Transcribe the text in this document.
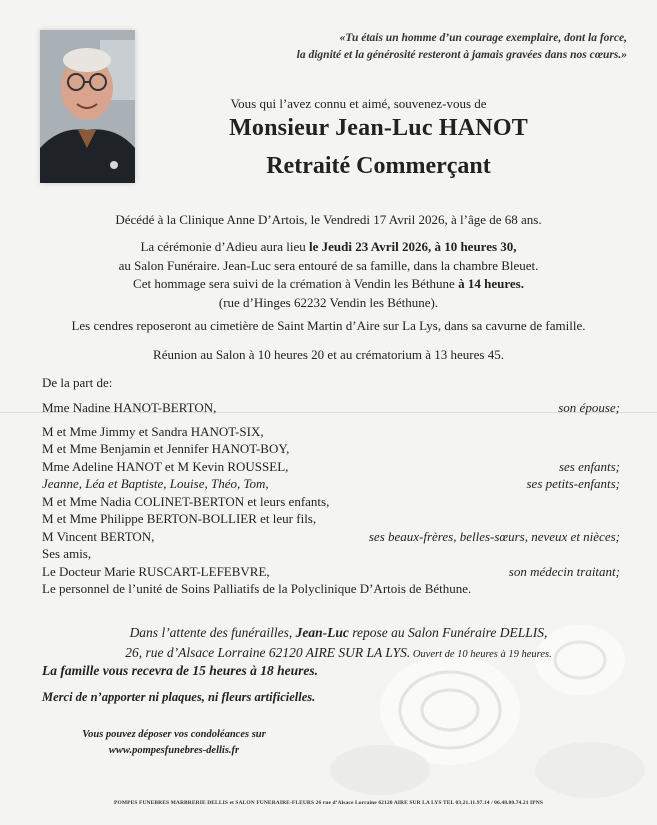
«Tu étais un homme d’un courage exemplaire, dont la force,
la dignité et la générosité resteront à jamais gravées dans nos cœurs.»
Vous qui l’avez connu et aimé, souvenez-vous de
Monsieur Jean-Luc HANOT
Retraité Commerçant
Décédé à la Clinique Anne D’Artois, le Vendredi 17 Avril 2026, à l’âge de 68 ans.
La cérémonie d’Adieu aura lieu le Jeudi 23 Avril 2026, à 10 heures 30,
au Salon Funéraire. Jean-Luc sera entouré de sa famille, dans la chambre Bleuet.
Cet hommage sera suivi de la crémation à Vendin les Béthune à 14 heures.
(rue d’Hinges 62232 Vendin les Béthune).
Les cendres reposeront au cimetière de Saint Martin d’Aire sur La Lys, dans sa cavurne de famille.
Réunion au Salon à 10 heures 20 et au crématorium à 13 heures 45.
De la part de:
Mme Nadine HANOT-BERTON,	son épouse;
M et Mme Jimmy et Sandra HANOT-SIX,
M et Mme Benjamin et Jennifer HANOT-BOY,
Mme Adeline HANOT et M Kevin ROUSSEL,	ses enfants;
Jeanne, Léa et Baptiste, Louise, Théo, Tom,	ses petits-enfants;
M et Mme Nadia COLINET-BERTON et leurs enfants,
M et Mme Philippe BERTON-BOLLIER et leur fils,
M Vincent BERTON,	ses beaux-frères, belles-sœurs, neveux et nièces;
Ses amis,
Le Docteur Marie RUSCART-LEFEBVRE,	son médecin traitant;
Le personnel de l’unité de Soins Palliatifs de la Polyclinique D’Artois de Béthune.
Dans l’attente des funérailles, Jean-Luc repose au Salon Funéraire DELLIS,
26, rue d’Alsace Lorraine 62120 AIRE SUR LA LYS. Ouvert de 10 heures à 19 heures.
La famille vous recevra de 15 heures à 18 heures.
Merci de n’apporter ni plaques, ni fleurs artificielles.
Vous pouvez déposer vos condoléances sur
www.pompesfunebres-dellis.fr
POMPES FUNEBRES MARBRERIE DELLIS et SALON FUNERAIRE-FLEURS 26 rue d’Alsace Lorraine 62120 AIRE SUR LA LYS TEL 03.21.11.97.14 / 06.48.80.74.21 IPNS
